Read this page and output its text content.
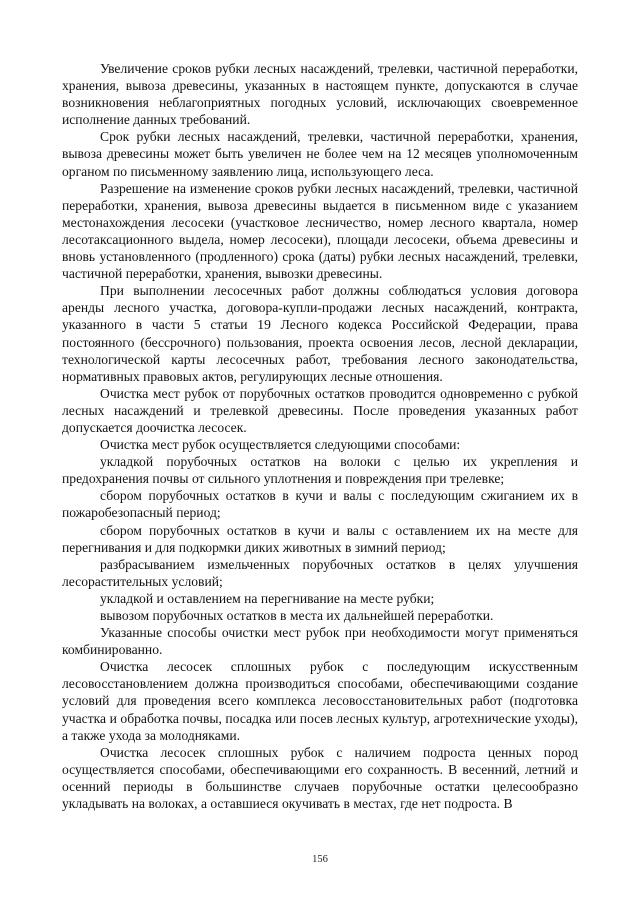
Увеличение сроков рубки лесных насаждений, трелевки, частичной переработки, хранения, вывоза древесины, указанных в настоящем пункте, допускаются в случае возникновения неблагоприятных погодных условий, исключающих своевременное исполнение данных требований.

Срок рубки лесных насаждений, трелевки, частичной переработки, хранения, вывоза древесины может быть увеличен не более чем на 12 месяцев уполномоченным органом по письменному заявлению лица, использующего леса.

Разрешение на изменение сроков рубки лесных насаждений, трелевки, частичной переработки, хранения, вывоза древесины выдается в письменном виде с указанием местонахождения лесосеки (участковое лесничество, номер лесного квартала, номер лесотаксационного выдела, номер лесосеки), площади лесосеки, объема древесины и вновь установленного (продленного) срока (даты) рубки лесных насаждений, трелевки, частичной переработки, хранения, вывозки древесины.

При выполнении лесосечных работ должны соблюдаться условия договора аренды лесного участка, договора-купли-продажи лесных насаждений, контракта, указанного в части 5 статьи 19 Лесного кодекса Российской Федерации, права постоянного (бессрочного) пользования, проекта освоения лесов, лесной декларации, технологической карты лесосечных работ, требования лесного законодательства, нормативных правовых актов, регулирующих лесные отношения.

Очистка мест рубок от порубочных остатков проводится одновременно с рубкой лесных насаждений и трелевкой древесины. После проведения указанных работ допускается доочистка лесосек.

Очистка мест рубок осуществляется следующими способами:

укладкой порубочных остатков на волоки с целью их укрепления и предохранения почвы от сильного уплотнения и повреждения при трелевке;

сбором порубочных остатков в кучи и валы с последующим сжиганием их в пожаробезопасный период;

сбором порубочных остатков в кучи и валы с оставлением их на месте для перегнивания и для подкормки диких животных в зимний период;

разбрасыванием измельченных порубочных остатков в целях улучшения лесорастительных условий;

укладкой и оставлением на перегнивание на месте рубки;

вывозом порубочных остатков в места их дальнейшей переработки.

Указанные способы очистки мест рубок при необходимости могут применяться комбинированно.

Очистка лесосек сплошных рубок с последующим искусственным лесовосстановлением должна производиться способами, обеспечивающими создание условий для проведения всего комплекса лесовосстановительных работ (подготовка участка и обработка почвы, посадка или посев лесных культур, агротехнические уходы), а также ухода за молодняками.

Очистка лесосек сплошных рубок с наличием подроста ценных пород осуществляется способами, обеспечивающими его сохранность. В весенний, летний и осенний периоды в большинстве случаев порубочные остатки целесообразно укладывать на волоках, а оставшиеся окучивать в местах, где нет подроста. В

156
